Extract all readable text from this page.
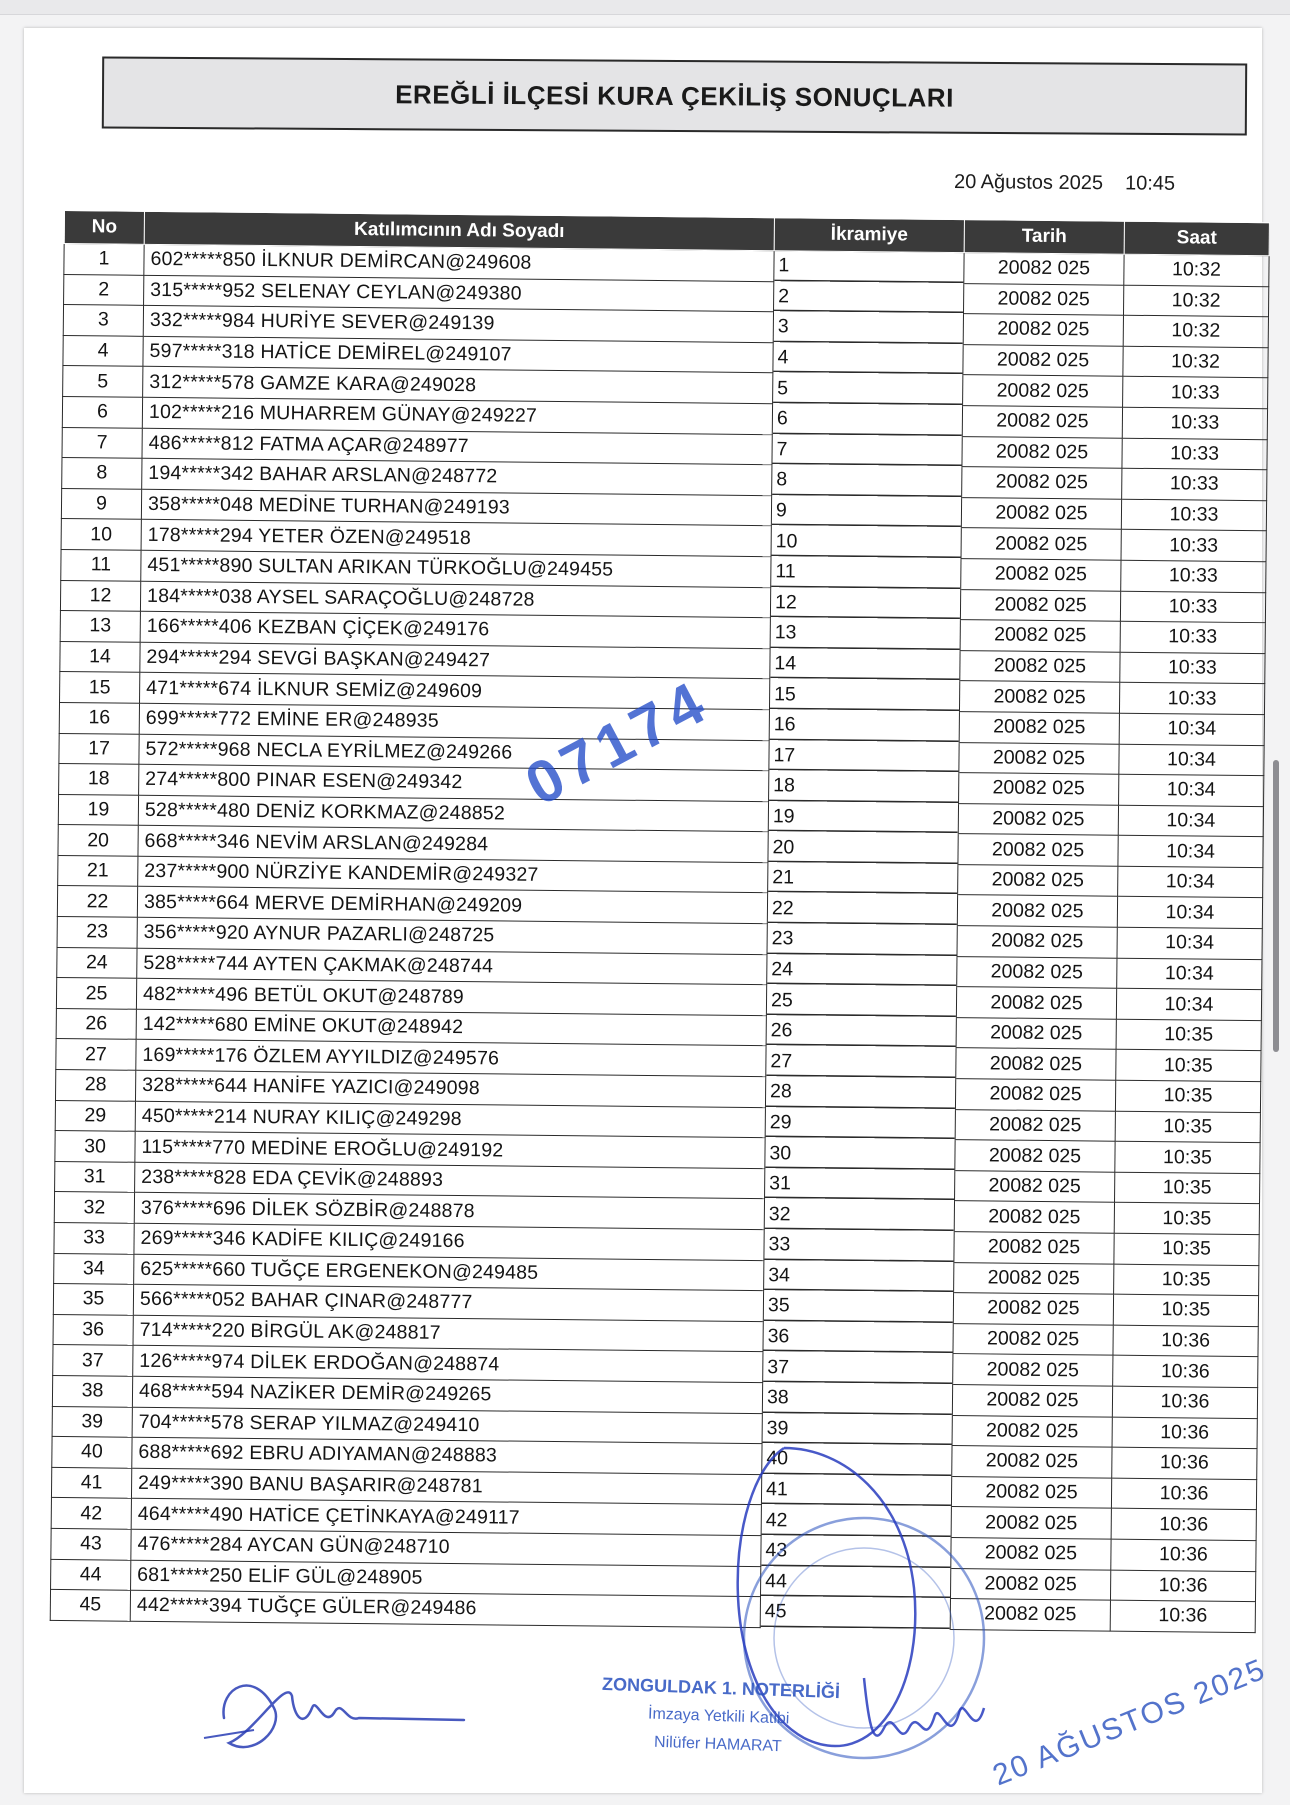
EREĞLİ İLÇESİ KURA ÇEKİLİŞ SONUÇLARI
20 Ağustos 2025 10:45
No	Katılımcının Adı Soyadı	İkramiye	Tarih	Saat
1	602*****850 İLKNUR DEMİRCAN@249608	1	20082 025	10:32
2	315*****952 SELENAY CEYLAN@249380	2	20082 025	10:32
3	332*****984 HURİYE SEVER@249139	3	20082 025	10:32
4	597*****318 HATİCE DEMİREL@249107	4	20082 025	10:32
5	312*****578 GAMZE KARA@249028	5	20082 025	10:33
6	102*****216 MUHARREM GÜNAY@249227	6	20082 025	10:33
7	486*****812 FATMA AÇAR@248977	7	20082 025	10:33
8	194*****342 BAHAR ARSLAN@248772	8	20082 025	10:33
9	358*****048 MEDİNE TURHAN@249193	9	20082 025	10:33
10	178*****294 YETER ÖZEN@249518	10	20082 025	10:33
11	451*****890 SULTAN ARIKAN TÜRKOĞLU@249455	11	20082 025	10:33
12	184*****038 AYSEL SARAÇOĞLU@248728	12	20082 025	10:33
13	166*****406 KEZBAN ÇİÇEK@249176	13	20082 025	10:33
14	294*****294 SEVGİ BAŞKAN@249427	14	20082 025	10:33
15	471*****674 İLKNUR SEMİZ@249609	15	20082 025	10:33
16	699*****772 EMİNE ER@248935	16	20082 025	10:34
17	572*****968 NECLA EYRİLMEZ@249266	17	20082 025	10:34
18	274*****800 PINAR ESEN@249342	18	20082 025	10:34
19	528*****480 DENİZ KORKMAZ@248852	19	20082 025	10:34
20	668*****346 NEVİM ARSLAN@249284	20	20082 025	10:34
21	237*****900 NÜRZİYE KANDEMİR@249327	21	20082 025	10:34
22	385*****664 MERVE DEMİRHAN@249209	22	20082 025	10:34
23	356*****920 AYNUR PAZARLI@248725	23	20082 025	10:34
24	528*****744 AYTEN ÇAKMAK@248744	24	20082 025	10:34
25	482*****496 BETÜL OKUT@248789	25	20082 025	10:34
26	142*****680 EMİNE OKUT@248942	26	20082 025	10:35
27	169*****176 ÖZLEM AYYILDIZ@249576	27	20082 025	10:35
28	328*****644 HANİFE YAZICI@249098	28	20082 025	10:35
29	450*****214 NURAY KILIÇ@249298	29	20082 025	10:35
30	115*****770 MEDİNE EROĞLU@249192	30	20082 025	10:35
31	238*****828 EDA ÇEVİK@248893	31	20082 025	10:35
32	376*****696 DİLEK SÖZBİR@248878	32	20082 025	10:35
33	269*****346 KADİFE KILIÇ@249166	33	20082 025	10:35
34	625*****660 TUĞÇE ERGENEKON@249485	34	20082 025	10:35
35	566*****052 BAHAR ÇINAR@248777	35	20082 025	10:35
36	714*****220 BİRGÜL AK@248817	36	20082 025	10:36
37	126*****974 DİLEK ERDOĞAN@248874	37	20082 025	10:36
38	468*****594 NAZİKER DEMİR@249265	38	20082 025	10:36
39	704*****578 SERAP YILMAZ@249410	39	20082 025	10:36
40	688*****692 EBRU ADIYAMAN@248883	40	20082 025	10:36
41	249*****390 BANU BAŞARIR@248781	41	20082 025	10:36
42	464*****490 HATİCE ÇETİNKAYA@249117	42	20082 025	10:36
43	476*****284 AYCAN GÜN@248710	43	20082 025	10:36
44	681*****250 ELİF GÜL@248905	44	20082 025	10:36
45	442*****394 TUĞÇE GÜLER@249486	45	20082 025	10:36
07174
ZONGULDAK 1. NOTERLİĞİ
İmzaya Yetkili Katibi
Nilüfer HAMARAT	20 AĞUSTOS 2025
